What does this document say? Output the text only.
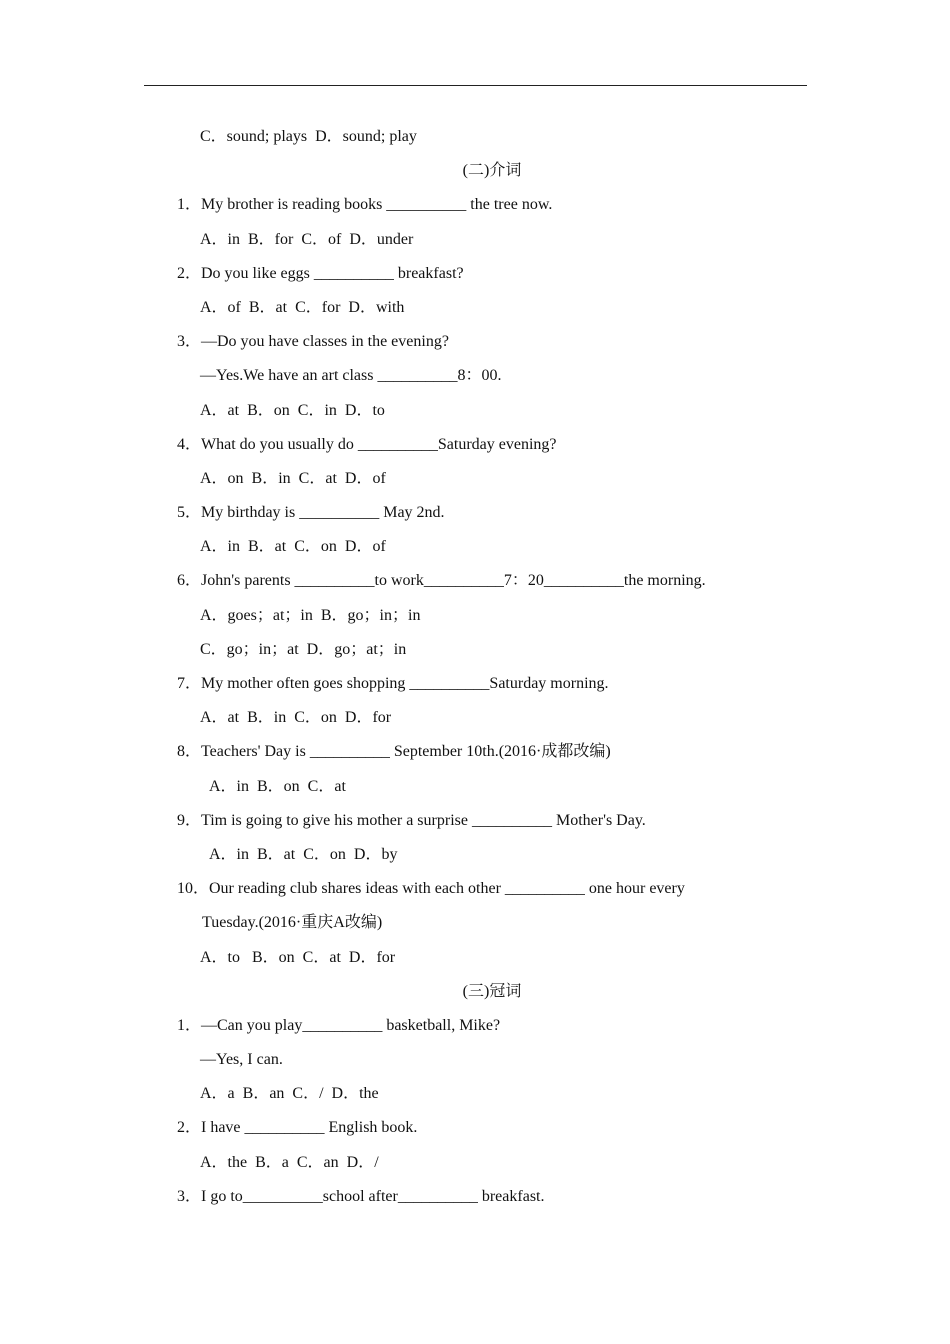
C．sound; plays  D．sound; play
(二)介词
1．My brother is reading books __________ the tree now.
A．in  B．for  C．of  D．under
2．Do you like eggs __________ breakfast?
A．of  B．at  C．for  D．with
3．—Do you have classes in the evening?
—Yes.We have an art class __________8：00.
A．at  B．on  C．in  D．to
4．What do you usually do __________Saturday evening?
A．on  B．in  C．at  D．of
5．My birthday is __________ May 2nd.
A．in  B．at  C．on  D．of
6．John's parents __________to work__________7：20__________the morning.
A．goes；at；in  B．go；in；in
C．go；in；at  D．go；at；in
7．My mother often goes shopping __________Saturday morning.
A．at  B．in  C．on  D．for
8．Teachers' Day is __________ September 10th.(2016·成都改编)
A．in  B．on  C．at
9．Tim is going to give his mother a surprise __________ Mother's Day.
A．in  B．at  C．on  D．by
10．Our reading club shares ideas with each other __________ one hour every
Tuesday.(2016·重庆A改编)
A．to   B．on  C．at  D．for
(三)冠词
1．—Can you play__________ basketball, Mike?
—Yes, I can.
A．a  B．an  C．/  D．the
2．I have __________ English book.
A．the  B．a  C．an  D．/
3．I go to__________school after__________ breakfast.
